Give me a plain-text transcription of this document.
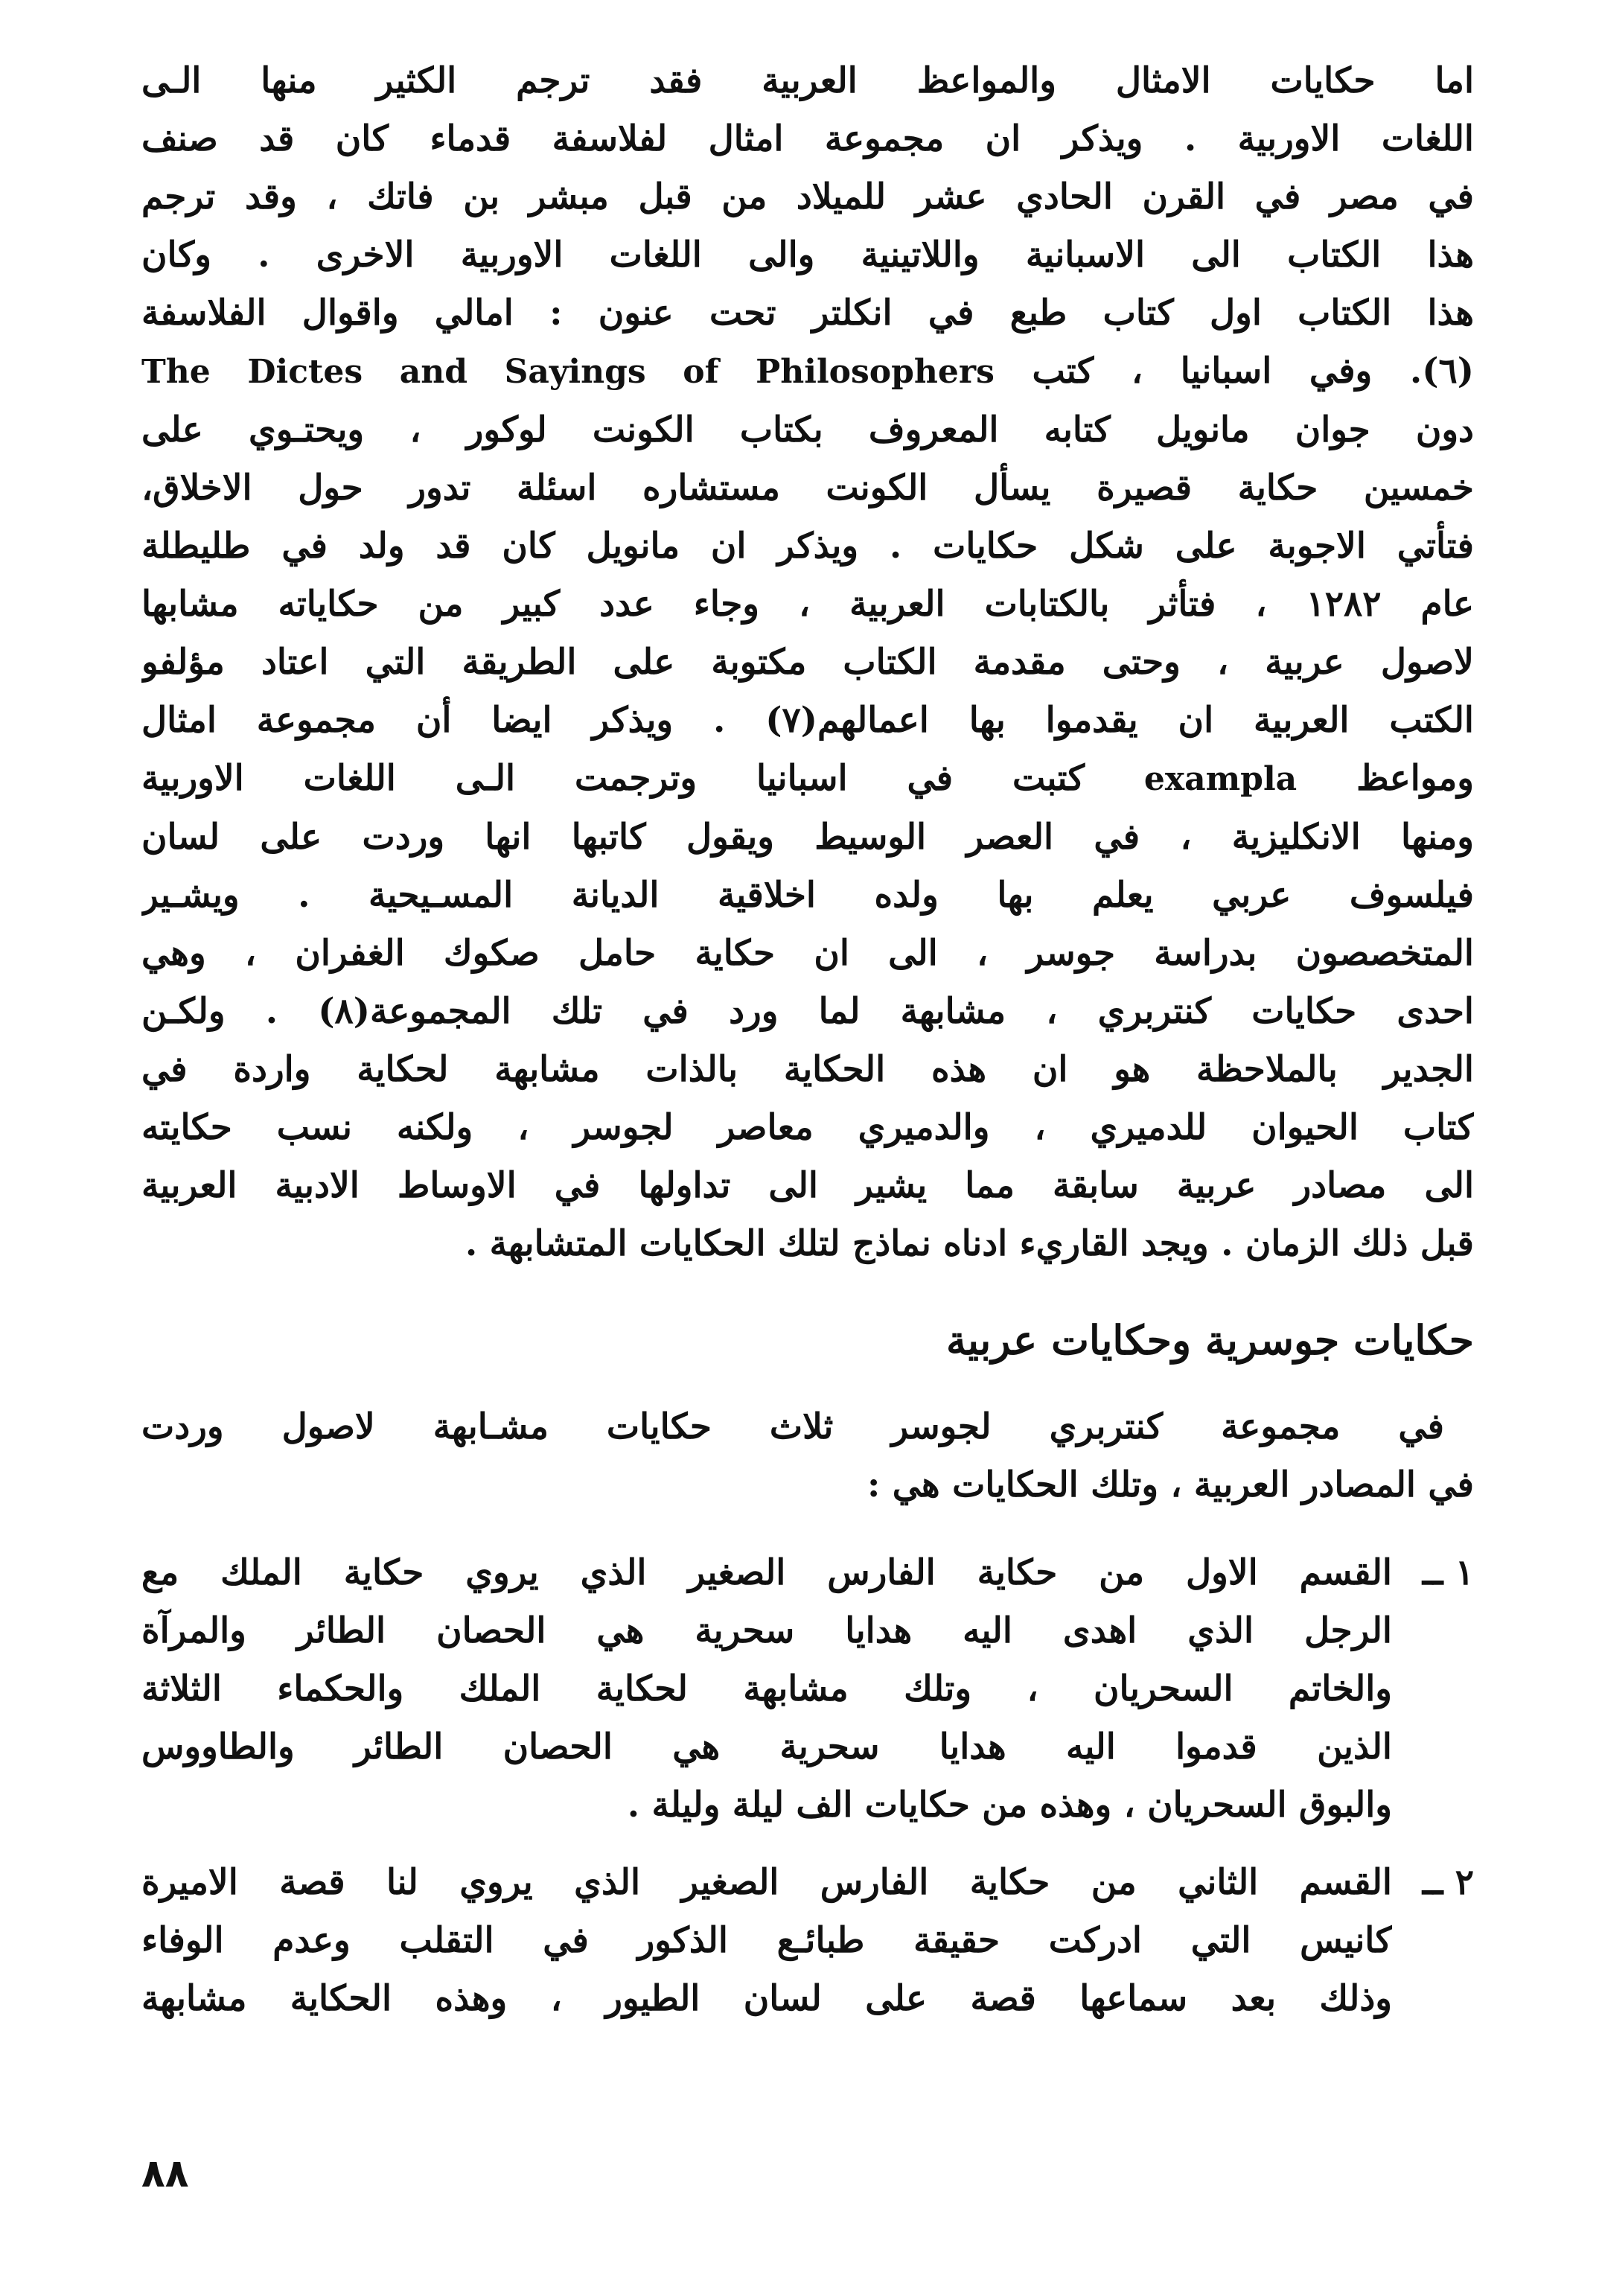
اما حكايات الامثال والمواعظ العربية فقد ترجم الكثير منها الـى
اللغات الاوربية . ويذكر ان مجموعة امثال لفلاسفة قدماء كان قد صنف
في مصر في القرن الحادي عشر للميلاد من قبل مبشر بن فاتك ، وقد ترجم
هذا الكتاب الى الاسبانية واللاتينية والى اللغات الاوربية الاخرى . وكان
هذا الكتاب اول كتاب طبع في انكلتر تحت عنون : امالي واقوال الفلاسفة
(٦). وفي اسبانيا ، كتب The Dictes and Sayings of Philosophers
دون جوان مانويل كتابه المعروف بكتاب الكونت لوكور ، ويحتـوي على
خمسين حكاية قصيرة يسأل الكونت مستشاره اسئلة تدور حول الاخلاق،
فتأتي الاجوبة على شكل حكايات . ويذكر ان مانويل كان قد ولد في طليطلة
عام ١٢٨٢ ، فتأثر بالكتابات العربية ، وجاء عدد كبير من حكاياته مشابها
لاصول عربية ، وحتى مقدمة الكتاب مكتوبة على الطريقة التي اعتاد مؤلفو
الكتب العربية ان يقدموا بها اعمالهم(٧) . ويذكر ايضا أن مجموعة امثال
ومواعظ exampla كتبت في اسبانيا وترجمت الـى اللغات الاوربية
ومنها الانكليزية ، في العصر الوسيط ويقول كاتبها انها وردت على لسان
فيلسوف عربي يعلم بها ولده اخلاقية الديانة المسـيحية . ويشـير
المتخصصون بدراسة جوسر ، الى ان حكاية حامل صكوك الغفران ، وهي
احدى حكايات كنتربري ، مشابهة لما ورد في تلك المجموعة(٨) . ولكـن
الجدير بالملاحظة هو ان هذه الحكاية بالذات مشابهة لحكاية واردة في
كتاب الحيوان للدميري ، والدميري معاصر لجوسر ، ولكنه نسب حكايته
الى مصادر عربية سابقة مما يشير الى تداولها في الاوساط الادبية العربية
قبل ذلك الزمان . ويجد القاريء ادناه نماذج لتلك الحكايات المتشابهة .
حكايات جوسرية وحكايات عربية
في مجموعة كنتربري لجوسر ثلاث حكايات مشـابهة لاصول وردت
في المصادر العربية ، وتلك الحكايات هي :
١ ــ
القسم الاول من حكاية الفارس الصغير الذي يروي حكاية الملك مع
الرجل الذي اهدى اليه هدايا سحرية هي الحصان الطائر والمرآة
والخاتم السحريان ، وتلك مشابهة لحكاية الملك والحكماء الثلاثة
الذين قدموا اليه هدايا سحرية هي الحصان الطائر والطاووس
والبوق السحريان ، وهذه من حكايات الف ليلة وليلة .
٢ ــ
القسم الثاني من حكاية الفارس الصغير الذي يروي لنا قصة الاميرة
كانيس التي ادركت حقيقة طبائـع الذكور في التقلب وعدم الوفاء
وذلك بعد سماعها قصة على لسان الطيور ، وهذه الحكاية مشابهة
٨٨
